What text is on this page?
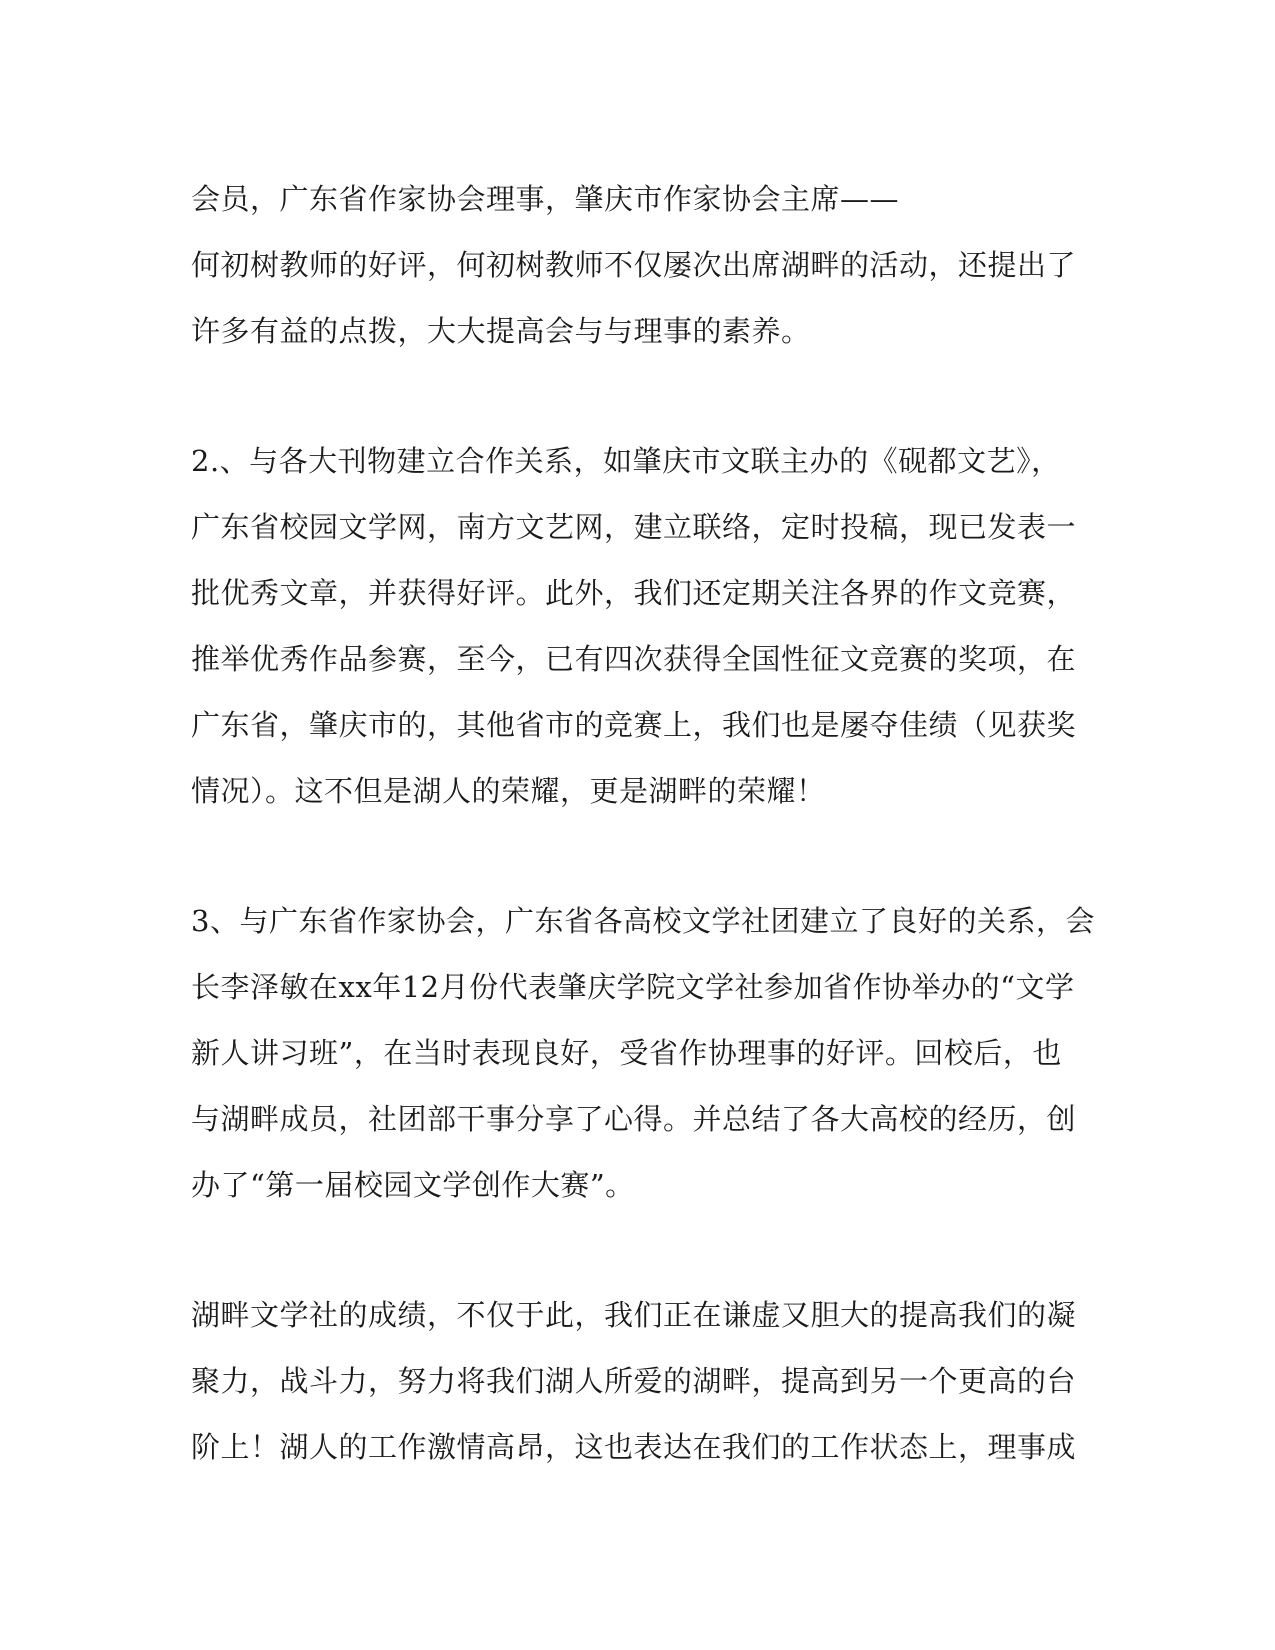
会员，广东省作家协会理事，肇庆市作家协会主席——
何初树教师的好评，何初树教师不仅屡次出席湖畔的活动，还提出了
许多有益的点拨，大大提高会与与理事的素养。
2.、与各大刊物建立合作关系，如肇庆市文联主办的《砚都文艺》，
广东省校园文学网，南方文艺网，建立联络，定时投稿，现已发表一
批优秀文章，并获得好评。此外，我们还定期关注各界的作文竞赛，
推举优秀作品参赛，至今，已有四次获得全国性征文竞赛的奖项，在
广东省，肇庆市的，其他省市的竞赛上，我们也是屡夺佳绩（见获奖
情况）。这不但是湖人的荣耀，更是湖畔的荣耀！
3、与广东省作家协会，广东省各高校文学社团建立了良好的关系，会
长李泽敏在xx年12月份代表肇庆学院文学社参加省作协举办的“文学
新人讲习班”，在当时表现良好，受省作协理事的好评。回校后，也
与湖畔成员，社团部干事分享了心得。并总结了各大高校的经历，创
办了“第一届校园文学创作大赛”。
湖畔文学社的成绩，不仅于此，我们正在谦虚又胆大的提高我们的凝
聚力，战斗力，努力将我们湖人所爱的湖畔，提高到另一个更高的台
阶上！湖人的工作激情高昂，这也表达在我们的工作状态上，理事成
